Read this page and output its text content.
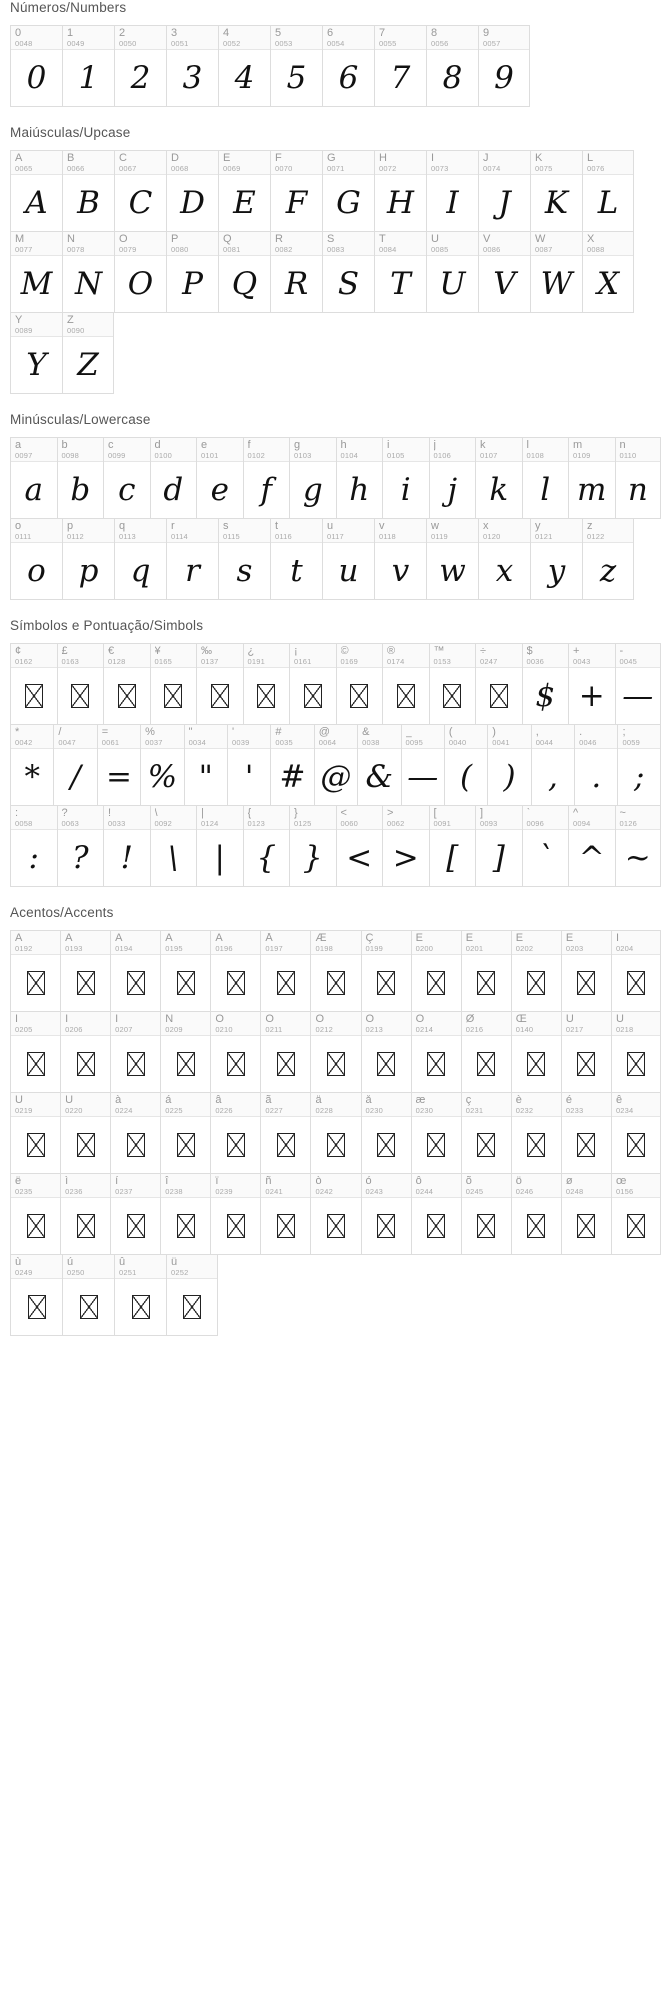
Números/Numbers
0
0048
0
1
0049
1
2
0050
2
3
0051
3
4
0052
4
5
0053
5
6
0054
6
7
0055
7
8
0056
8
9
0057
9
Maiúsculas/Upcase
A
0065
A
B
0066
B
C
0067
C
D
0068
D
E
0069
E
F
0070
F
G
0071
G
H
0072
H
I
0073
I
J
0074
J
K
0075
K
L
0076
L
M
0077
M
N
0078
N
O
0079
O
P
0080
P
Q
0081
Q
R
0082
R
S
0083
S
T
0084
T
U
0085
U
V
0086
V
W
0087
W
X
0088
X
Y
0089
Y
Z
0090
Z
Minúsculas/Lowercase
a
0097
a
b
0098
b
c
0099
c
d
0100
d
e
0101
e
f
0102
f
g
0103
g
h
0104
h
i
0105
i
j
0106
j
k
0107
k
l
0108
l
m
0109
m
n
0110
n
o
0111
o
p
0112
p
q
0113
q
r
0114
r
s
0115
s
t
0116
t
u
0117
u
v
0118
v
w
0119
w
x
0120
x
y
0121
y
z
0122
z
Símbolos e Pontuação/Simbols
¢
0162
£
0163
€
0128
¥
0165
‰
0137
¿
0191
¡
0161
©
0169
®
0174
™
0153
÷
0247
$
0036
$
+
0043
+
-
0045
—
*
0042
*
/
0047
/
=
0061
=
%
0037
%
"
0034
"
'
0039
'
#
0035
#
@
0064
@
&
0038
&
_
0095
—
(
0040
(
)
0041
)
,
0044
,
.
0046
.
;
0059
;
:
0058
:
?
0063
?
!
0033
!
\
0092
\
|
0124
|
{
0123
{
}
0125
}
<
0060
<
>
0062
>
[
0091
[
]
0093
]
`
0096
`
^
0094
^
~
0126
~
Acentos/Accents
À
0192
Á
0193
Â
0194
Ã
0195
Ä
0196
Å
0197
Æ
0198
Ç
0199
È
0200
É
0201
Ê
0202
Ë
0203
Ì
0204
Í
0205
Î
0206
Ï
0207
Ñ
0209
Ò
0210
Ó
0211
Ô
0212
Õ
0213
Ö
0214
Ø
0216
Œ
0140
Ù
0217
Ú
0218
Û
0219
Ü
0220
à
0224
á
0225
â
0226
ã
0227
ä
0228
å
0230
æ
0230
ç
0231
è
0232
é
0233
ê
0234
ë
0235
ì
0236
í
0237
î
0238
ï
0239
ñ
0241
ò
0242
ó
0243
ô
0244
õ
0245
ö
0246
ø
0248
œ
0156
ù
0249
ú
0250
û
0251
ü
0252
